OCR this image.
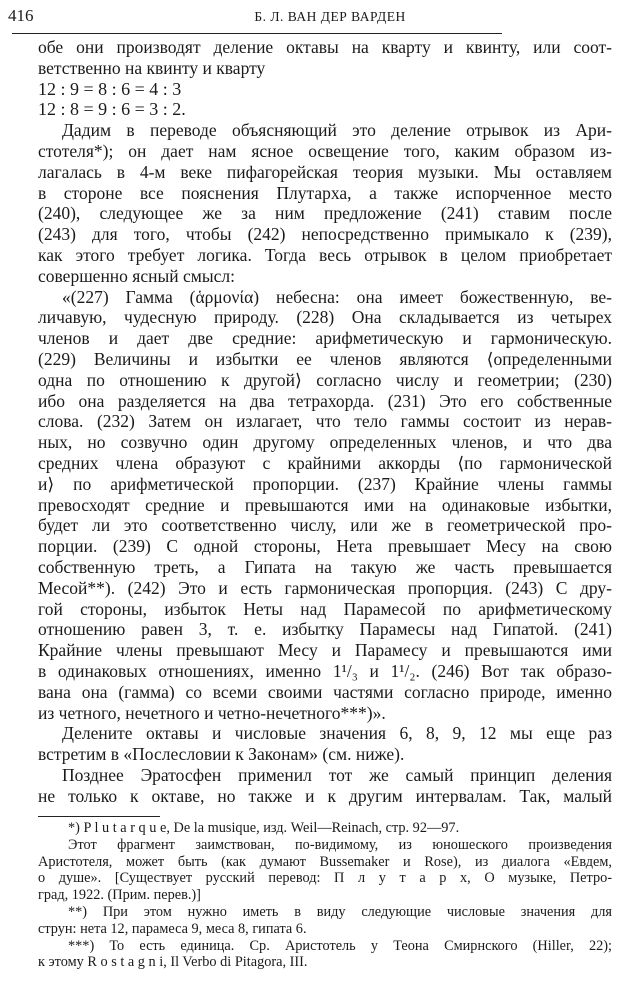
416	Б. Л. ВАН ДЕР ВАРДЕН
обе они производят деление октавы на кварту и квинту, или соот-
ветственно на квинту и кварту
12 : 9 = 8 : 6 = 4 : 3
12 : 8 = 9 : 6 = 3 : 2.
Дадим в переводе объясняющий это деление отрывок из Ари-
стотеля*); он дает нам ясное освещение того, каким образом из-
лагалась в 4-м веке пифагорейская теория музыки. Мы оставляем
в стороне все пояснения Плутарха, а также испорченное место
(240), следующее же за ним предложение (241) ставим после
(243) для того, чтобы (242) непосредственно примыкало к (239),
как этого требует логика. Тогда весь отрывок в целом приобретает
совершенно ясный смысл:
«(227) Гамма (ἁρμονία) небесна: она имеет божественную, ве-
личавую, чудесную природу. (228) Она складывается из четырех
членов и дает две средние: арифметическую и гармоническую.
(229) Величины и избытки ее членов являются ⟨определенными
одна по отношению к другой⟩ согласно числу и геометрии; (230)
ибо она разделяется на два тетрахорда. (231) Это его собственные
слова. (232) Затем он излагает, что тело гаммы состоит из нерав-
ных, но созвучно один другому определенных членов, и что два
средних члена образуют с крайними аккорды ⟨по гармонической
и⟩ по арифметической пропорции. (237) Крайние члены гаммы
превосходят средние и превышаются ими на одинаковые избытки,
будет ли это соответственно числу, или же в геометрической про-
порции. (239) С одной стороны, Нета превышает Месу на свою
собственную треть, а Гипата на такую же часть превышается
Месой**). (242) Это и есть гармоническая пропорция. (243) С дру-
гой стороны, избыток Неты над Парамесой по арифметическому
отношению равен 3, т. е. избытку Парамесы над Гипатой. (241)
Крайние члены превышают Месу и Парамесу и превышаются ими
в одинаковых отношениях, именно 1¹/₃ и 1¹/₂. (246) Вот так образо-
вана она (гамма) со всеми своими частями согласно природе, именно
из четного, нечетного и четно-нечетного***)».
Делените октавы и числовые значения 6, 8, 9, 12 мы еще раз
встретим в «Послесловии к Законам» (см. ниже).
Позднее Эратосфен применил тот же самый принцип деления
не только к октаве, но также и к другим интервалам. Так, малый
*) P l u t a r q u e, De la musique, изд. Weil—Reinach, стр. 92—97.
Этот фрагмент заимствован, по-видимому, из юношеского произведения
Аристотеля, может быть (как думают Bussemaker и Rose), из диалога «Евдем,
о душе». [Существует русский перевод: П л у т а р х, О музыке, Петро-
град, 1922. (Прим. перев.)]
**) При этом нужно иметь в виду следующие числовые значения для
струн: нета 12, парамеса 9, меса 8, гипата 6.
***) То есть единица. Ср. Аристотель у Теона Смирнского (Hiller, 22);
к этому R o s t a g n i, Il Verbo di Pitagora, III.
